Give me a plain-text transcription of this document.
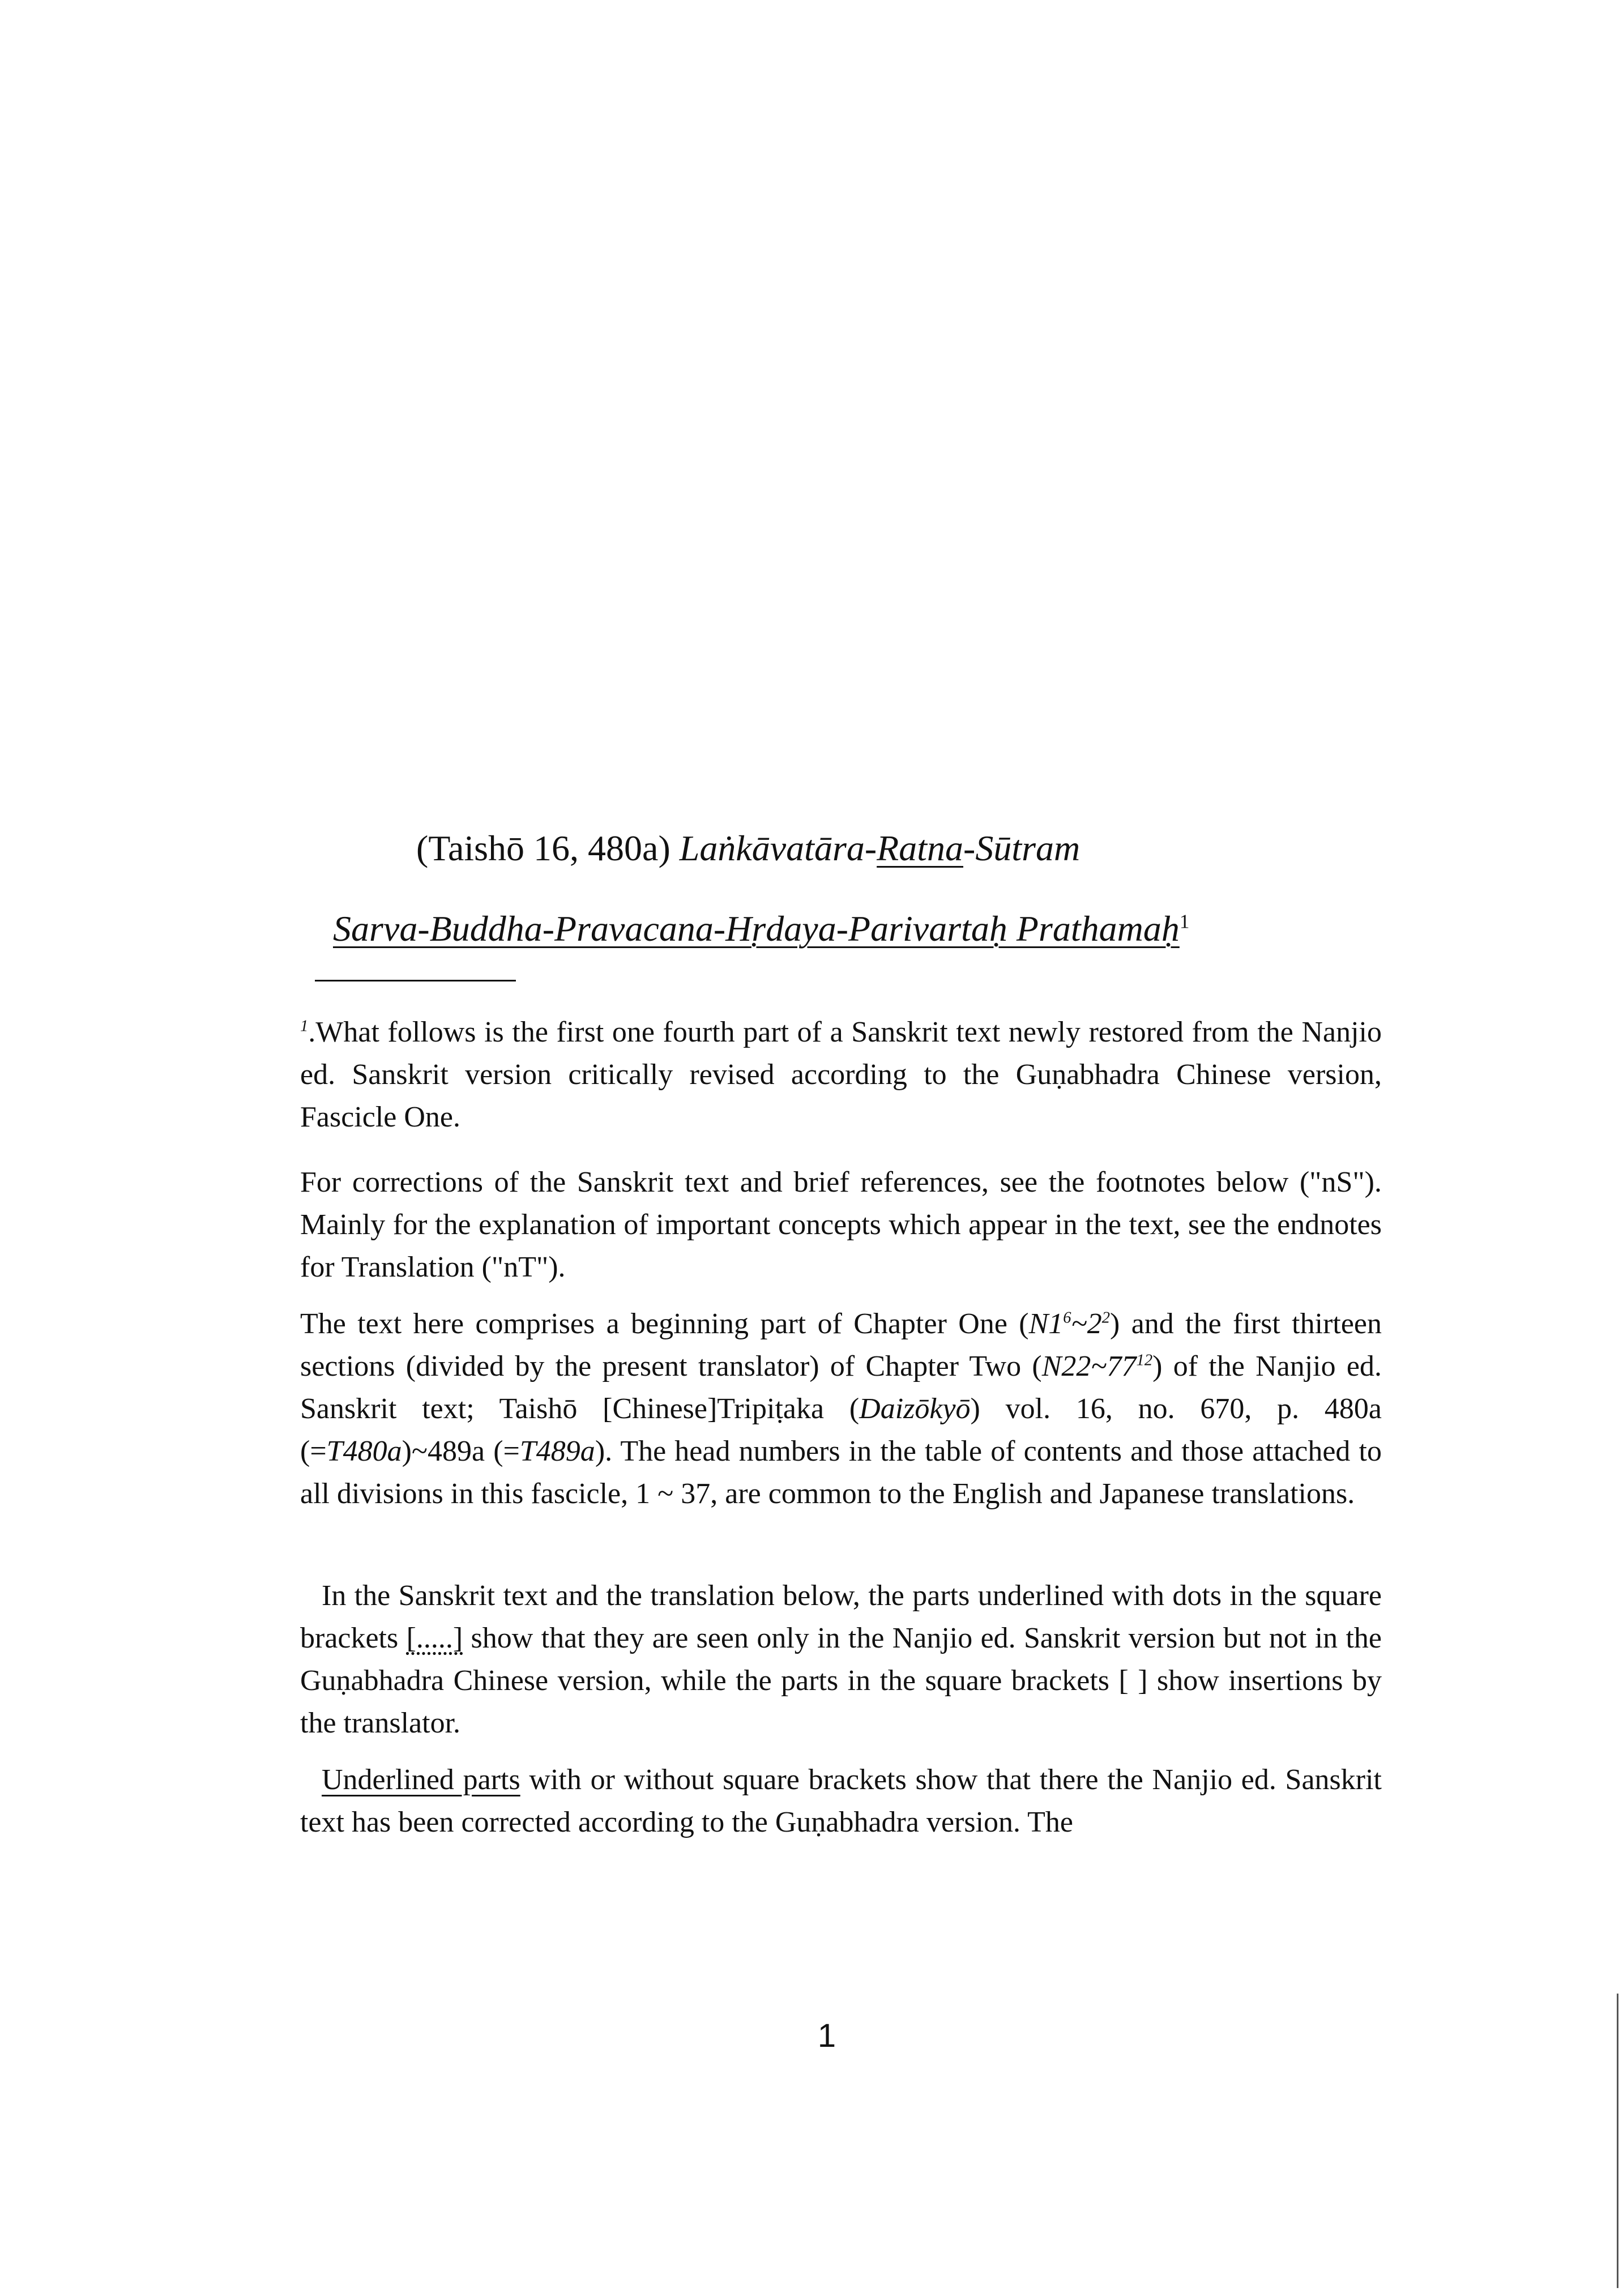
(Taishō 16, 480a) Laṅkāvatāra-Ratna-Sūtram
Sarva-Buddha-Pravacana-Hṛdaya-Parivartaḥ Prathamaḥ$^1$

$^1$.What follows is the first one fourth part of a Sanskrit text newly restored from the Nanjio ed. Sanskrit version critically revised according to the Guṇabhadra Chinese version, Fascicle One.

For corrections of the Sanskrit text and brief references, see the footnotes below ("nS"). Mainly for the explanation of important concepts which appear in the text, see the endnotes for Translation ("nT").

The text here comprises a beginning part of Chapter One $(N1^6\sim 2^2)$ and the first thirteen sections (divided by the present translator) of Chapter Two $(N22\sim 77^{12})$ of the Nanjio ed. Sanskrit text; Taishō [Chinese]Tripiṭaka (Daizōkyō) vol. 16, no. 670, p. 480a (=T480a)~489a (=T489a). The head numbers in the table of contents and those attached to all divisions in this fascicle, 1 ~ 37, are common to the English and Japanese translations.

In the Sanskrit text and the translation below, the parts underlined with dots in the square brackets [.....] show that they are seen only in the Nanjio ed. Sanskrit version but not in the Guṇabhadra Chinese version, while the parts in the square brackets [ ] show insertions by the translator.

Underlined parts with or without square brackets show that there the Nanjio ed. Sanskrit text has been corrected according to the Guṇabhadra version. The

1
